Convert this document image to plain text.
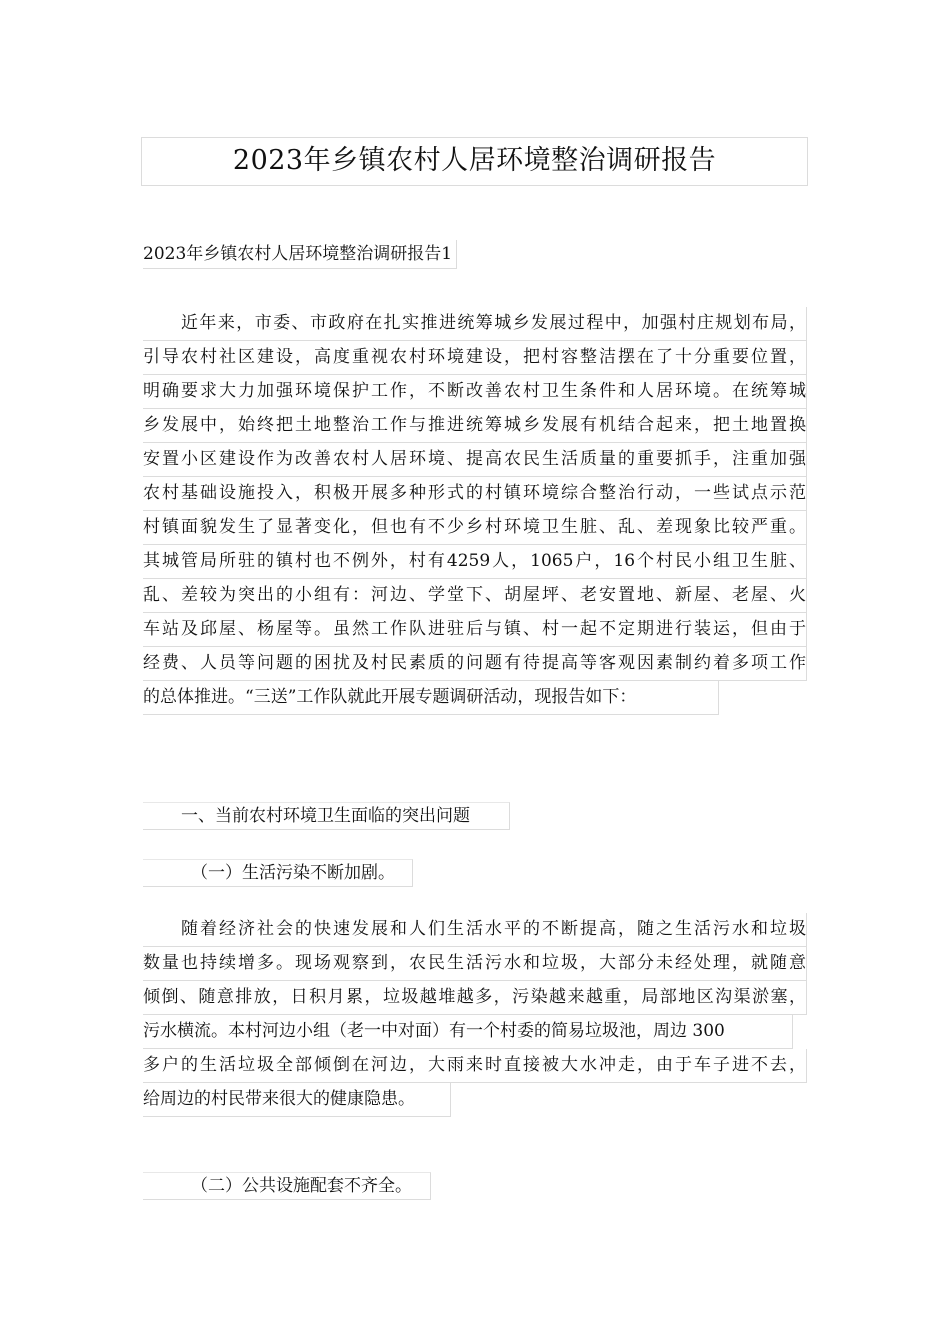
2023年乡镇农村人居环境整治调研报告
2023年乡镇农村人居环境整治调研报告1
近年来，市委、市政府在扎实推进统筹城乡发展过程中，加强村庄规划布局，
引导农村社区建设，高度重视农村环境建设，把村容整洁摆在了十分重要位置，
明确要求大力加强环境保护工作，不断改善农村卫生条件和人居环境。在统筹城
乡发展中，始终把土地整治工作与推进统筹城乡发展有机结合起来，把土地置换
安置小区建设作为改善农村人居环境、提高农民生活质量的重要抓手，注重加强
农村基础设施投入，积极开展多种形式的村镇环境综合整治行动，一些试点示范
村镇面貌发生了显著变化，但也有不少乡村环境卫生脏、乱、差现象比较严重。
其城管局所驻的镇村也不例外，村有4259人，1065户，16个村民小组卫生脏、
乱、差较为突出的小组有：河边、学堂下、胡屋坪、老安置地、新屋、老屋、火
车站及邱屋、杨屋等。虽然工作队进驻后与镇、村一起不定期进行装运，但由于
经费、人员等问题的困扰及村民素质的问题有待提高等客观因素制约着多项工作
的总体推进。“三送”工作队就此开展专题调研活动，现报告如下：
一、当前农村环境卫生面临的突出问题
（一）生活污染不断加剧。
随着经济社会的快速发展和人们生活水平的不断提高，随之生活污水和垃圾
数量也持续增多。现场观察到，农民生活污水和垃圾，大部分未经处理，就随意
倾倒、随意排放，日积月累，垃圾越堆越多，污染越来越重，局部地区沟渠淤塞，
污水横流。本村河边小组（老一中对面）有一个村委的简易垃圾池，周边 300
多户的生活垃圾全部倾倒在河边，大雨来时直接被大水冲走，由于车子进不去，
给周边的村民带来很大的健康隐患。
（二）公共设施配套不齐全。
